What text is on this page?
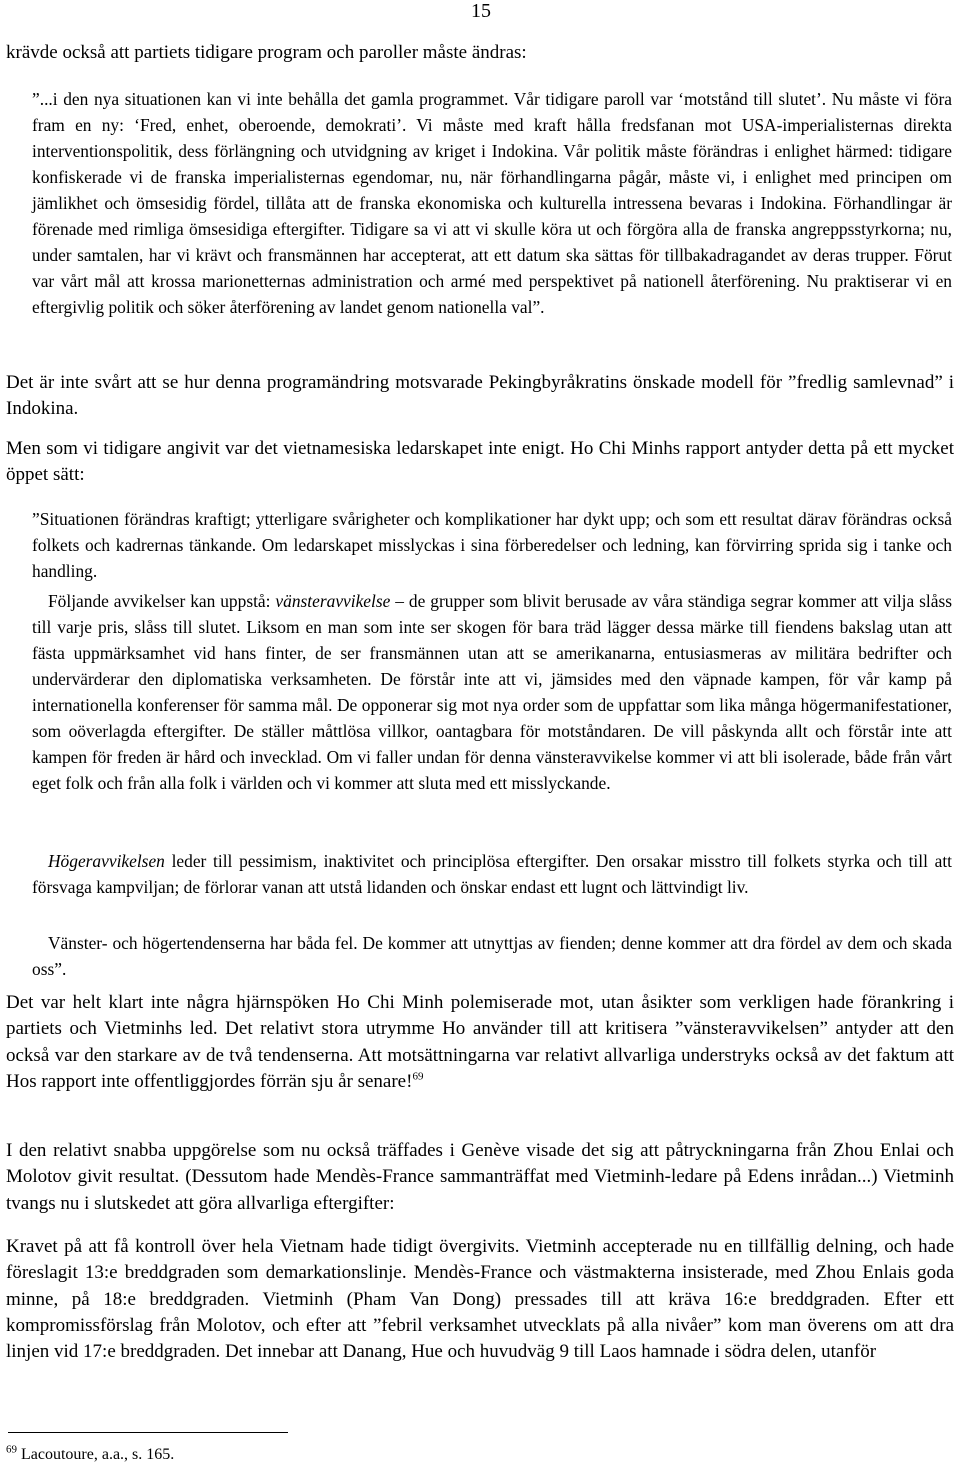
15

krävde också att partiets tidigare program och paroller måste ändras:

”...i den nya situationen kan vi inte behålla det gamla programmet. Vår tidigare paroll var ‘motstånd till slutet’. Nu måste vi föra fram en ny: ‘Fred, enhet, oberoende, demokrati’. Vi måste med kraft hålla fredsfanan mot USA-imperialisternas direkta interventionspolitik, dess förlängning och utvidgning av kriget i Indokina. Vår politik måste förändras i enlighet härmed: tidigare konfiskerade vi de franska imperialisternas egendomar, nu, när förhandlingarna pågår, måste vi, i enlighet med principen om jämlikhet och ömsesidig fördel, tillåta att de franska ekonomiska och kulturella intressena bevaras i Indokina. Förhandlingar är förenade med rimliga ömsesidiga eftergifter. Tidigare sa vi att vi skulle köra ut och förgöra alla de franska angreppsstyrkorna; nu, under samtalen, har vi krävt och fransmännen har accepterat, att ett datum ska sättas för tillbakadragandet av deras trupper. Förut var vårt mål att krossa marionetternas administration och armé med perspektivet på nationell återförening. Nu praktiserar vi en eftergivlig politik och söker återförening av landet genom nationella val”.

Det är inte svårt att se hur denna programändring motsvarade Pekingbyråkratins önskade modell för ”fredlig samlevnad” i Indokina.

Men som vi tidigare angivit var det vietnamesiska ledarskapet inte enigt. Ho Chi Minhs rapport antyder detta på ett mycket öppet sätt:

”Situationen förändras kraftigt; ytterligare svårigheter och komplikationer har dykt upp; och som ett resultat därav förändras också folkets och kadrernas tänkande. Om ledarskapet misslyckas i sina förberedelser och ledning, kan förvirring sprida sig i tanke och handling.

Följande avvikelser kan uppstå: vänsteravvikelse – de grupper som blivit berusade av våra ständiga segrar kommer att vilja slåss till varje pris, slåss till slutet. Liksom en man som inte ser skogen för bara träd lägger dessa märke till fiendens bakslag utan att fästa uppmärksamhet vid hans finter, de ser fransmännen utan att se amerikanarna, entusiasmeras av militära bedrifter och undervärderar den diplomatiska verksamheten. De förstår inte att vi, jämsides med den väpnade kampen, för vår kamp på internationella konferenser för samma mål. De opponerar sig mot nya order som de uppfattar som lika många högermanifestationer, som oöverlagda eftergifter. De ställer måttlösa villkor, oantagbara för motståndaren. De vill påskynda allt och förstår inte att kampen för freden är hård och invecklad. Om vi faller undan för denna vänsteravvikelse kommer vi att bli isolerade, både från vårt eget folk och från alla folk i världen och vi kommer att sluta med ett misslyckande.

Högeravvikelsen leder till pessimism, inaktivitet och principlösa eftergifter. Den orsakar misstro till folkets styrka och till att försvaga kampviljan; de förlorar vanan att utstå lidanden och önskar endast ett lugnt och lättvindigt liv.

Vänster- och högertendenserna har båda fel. De kommer att utnyttjas av fienden; denne kommer att dra fördel av dem och skada oss”.

Det var helt klart inte några hjärnspöken Ho Chi Minh polemiserade mot, utan åsikter som verkligen hade förankring i partiets och Vietminhs led. Det relativt stora utrymme Ho använder till att kritisera ”vänsteravvikelsen” antyder att den också var den starkare av de två tendenserna. Att motsättningarna var relativt allvarliga understryks också av det faktum att Hos rapport inte offentliggjordes förrän sju år senare!$^{69}$

I den relativt snabba uppgörelse som nu också träffades i Genève visade det sig att påtryckningarna från Zhou Enlai och Molotov givit resultat. (Dessutom hade Mendès-France sammanträffat med Vietminh-ledare på Edens inrådan...) Vietminh tvangs nu i slutskedet att göra allvarliga eftergifter:

Kravet på att få kontroll över hela Vietnam hade tidigt övergivits. Vietminh accepterade nu en tillfällig delning, och hade föreslagit 13:e breddgraden som demarkationslinje. Mendès-France och västmakterna insisterade, med Zhou Enlais goda minne, på 18:e breddgraden. Vietminh (Pham Van Dong) pressades till att kräva 16:e breddgraden. Efter ett kompromissförslag från Molotov, och efter att ”febril verksamhet utvecklats på alla nivåer” kom man överens om att dra linjen vid 17:e breddgraden. Det innebar att Danang, Hue och huvudväg 9 till Laos hamnade i södra delen, utanför

$^{69}$ Lacoutoure, a.a., s. 165.
